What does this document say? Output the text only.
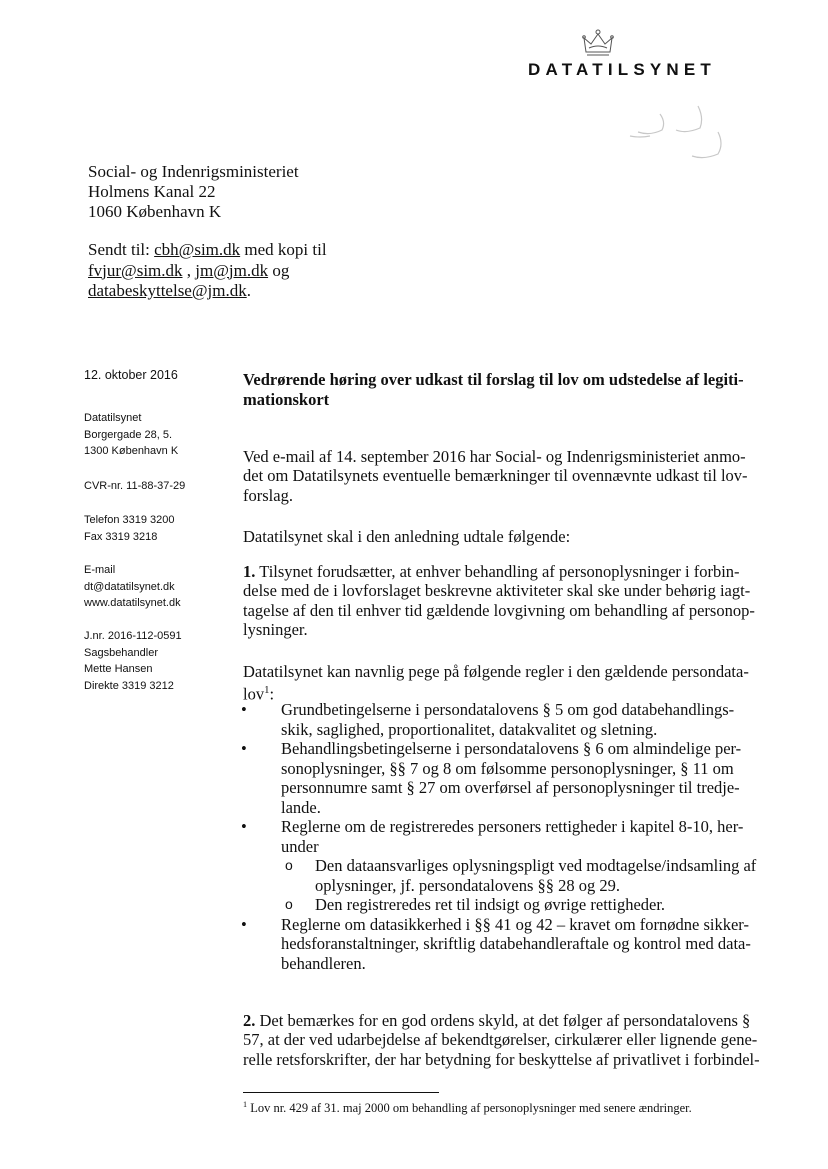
DATATILSYNET
Social- og Indenrigsministeriet
Holmens Kanal 22
1060 København K
Sendt til: cbh@sim.dk med kopi til
fvjur@sim.dk , jm@jm.dk og
databeskyttelse@jm.dk.
12. oktober 2016
Datatilsynet
Borgergade 28, 5.
1300 København K
CVR-nr. 11-88-37-29
Telefon 3319 3200
Fax 3319 3218
E-mail
dt@datatilsynet.dk
www.datatilsynet.dk
J.nr. 2016-112-0591
Sagsbehandler
Mette Hansen
Direkte 3319 3212
Vedrørende høring over udkast til forslag til lov om udstedelse af legiti-mationskort

Ved e-mail af 14. september 2016 har Social- og Indenrigsministeriet anmo-det om Datatilsynets eventuelle bemærkninger til ovennævnte udkast til lov-forslag.

Datatilsynet skal i den anledning udtale følgende:

1. Tilsynet forudsætter, at enhver behandling af personoplysninger i forbin-delse med de i lovforslaget beskrevne aktiviteter skal ske under behørig iagt-tagelse af den til enhver tid gældende lovgivning om behandling af personop-lysninger.

Datatilsynet kan navnlig pege på følgende regler i den gældende persondata-lov$^1$:

• Grundbetingelserne i persondatalovens § 5 om god databehandlings-skik, saglighed, proportionalitet, datakvalitet og sletning.

• Behandlingsbetingelserne i persondatalovens § 6 om almindelige per-sonoplysninger, §§ 7 og 8 om følsomme personoplysninger, § 11 om personnumre samt § 27 om overførsel af personoplysninger til tredje-lande.

• Reglerne om de registreredes personers rettigheder i kapitel 8-10, her-under

o Den dataansvarliges oplysningspligt ved modtagelse/indsamling af oplysninger, jf. persondatalovens §§ 28 og 29.

o Den registreredes ret til indsigt og øvrige rettigheder.

• Reglerne om datasikkerhed i §§ 41 og 42 – kravet om fornødne sikker-hedsforanstaltninger, skriftlig databehandleraftale og kontrol med data-behandleren.

2. Det bemærkes for en god ordens skyld, at det følger af persondatalovens § 57, at der ved udarbejdelse af bekendtgørelser, cirkulærer eller lignende gene-relle retsforskrifter, der har betydning for beskyttelse af privatlivet i forbindel-

$^1$ Lov nr. 429 af 31. maj 2000 om behandling af personoplysninger med senere ændringer.
